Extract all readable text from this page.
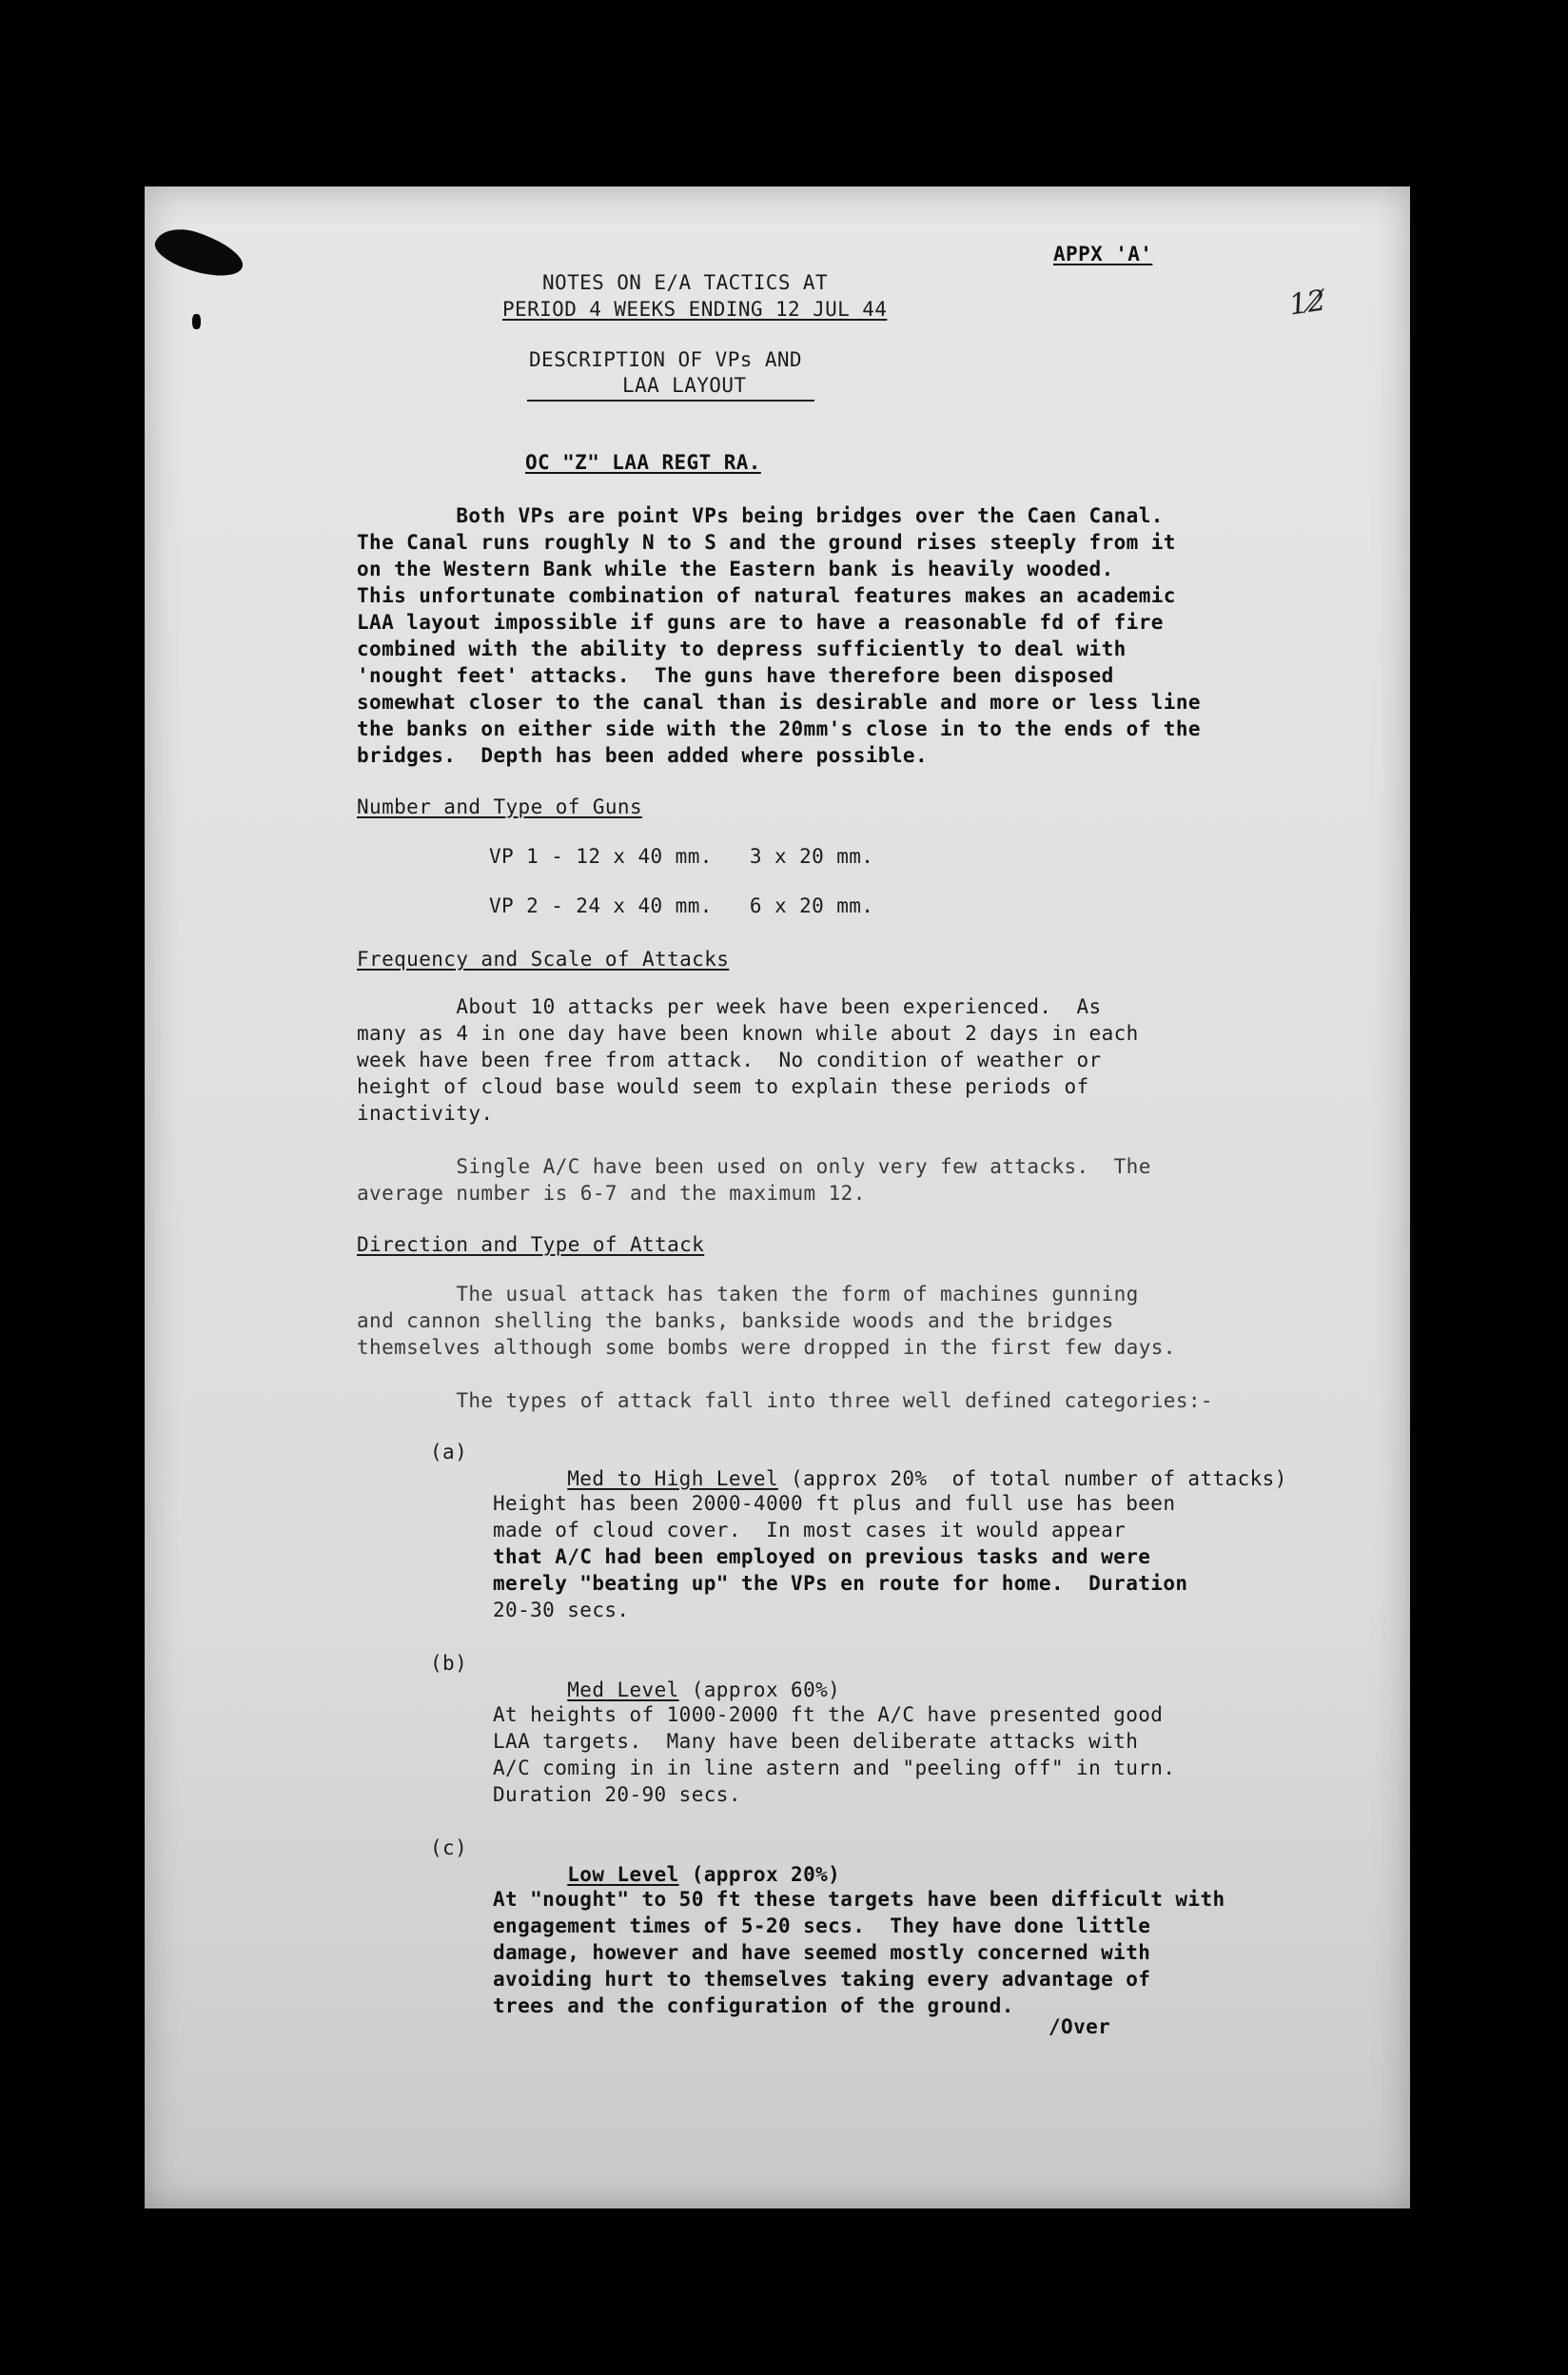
APPX 'A'
12̸
NOTES ON E/A TACTICS AT
PERIOD 4 WEEKS ENDING 12 JUL 44
DESCRIPTION OF VPs AND
LAA LAYOUT
OC "Z" LAA REGT RA.
Both VPs are point VPs being bridges over the Caen Canal.
The Canal runs roughly N to S and the ground rises steeply from it
on the Western Bank while the Eastern bank is heavily wooded.
This unfortunate combination of natural features makes an academic
LAA layout impossible if guns are to have a reasonable fd of fire
combined with the ability to depress sufficiently to deal with
'nought feet' attacks.  The guns have therefore been disposed
somewhat closer to the canal than is desirable and more or less line
the banks on either side with the 20mm's close in to the ends of the
bridges.  Depth has been added where possible.
Number and Type of Guns
VP 1 - 12 x 40 mm.   3 x 20 mm.
VP 2 - 24 x 40 mm.   6 x 20 mm.
Frequency and Scale of Attacks
About 10 attacks per week have been experienced.  As
many as 4 in one day have been known while about 2 days in each
week have been free from attack.  No condition of weather or
height of cloud base would seem to explain these periods of
inactivity.
Single A/C have been used on only very few attacks.  The
average number is 6-7 and the maximum 12.
Direction and Type of Attack
The usual attack has taken the form of machines gunning
and cannon shelling the banks, bankside woods and the bridges
themselves although some bombs were dropped in the first few days.
The types of attack fall into three well defined categories:-
(a)

Med to High Level (approx 20%  of total number of attacks)

Height has been 2000-4000 ft plus and full use has been
made of cloud cover.  In most cases it would appear
that A/C had been employed on previous tasks and were
merely "beating up" the VPs en route for home.  Duration
20-30 secs.
(b)

Med Level (approx 60%)

At heights of 1000-2000 ft the A/C have presented good
LAA targets.  Many have been deliberate attacks with
A/C coming in in line astern and "peeling off" in turn.
Duration 20-90 secs.
(c)

Low Level (approx 20%)

At "nought" to 50 ft these targets have been difficult with
engagement times of 5-20 secs.  They have done little
damage, however and have seemed mostly concerned with
avoiding hurt to themselves taking every advantage of
trees and the configuration of the ground.
/Over
